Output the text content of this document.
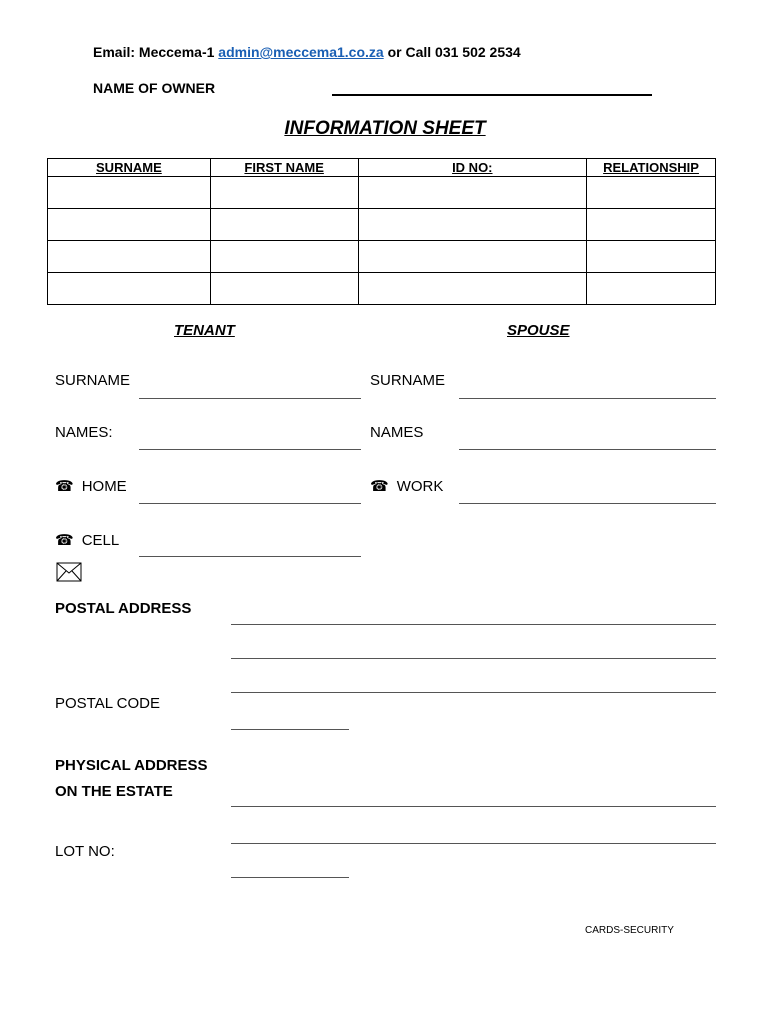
Email: Meccema-1 admin@meccema1.co.za or Call 031 502 2534
NAME OF OWNER
INFORMATION SHEET
SURNAME	FIRST NAME	ID NO:	RELATIONSHIP

TENANT	SPOUSE
SURNAME
NAMES:
☎ HOME
☎ CELL
SURNAME
NAMES
☎ WORK
POSTAL ADDRESS
POSTAL CODE
PHYSICAL ADDRESS
ON THE ESTATE
LOT NO:
CARDS-SECURITY
